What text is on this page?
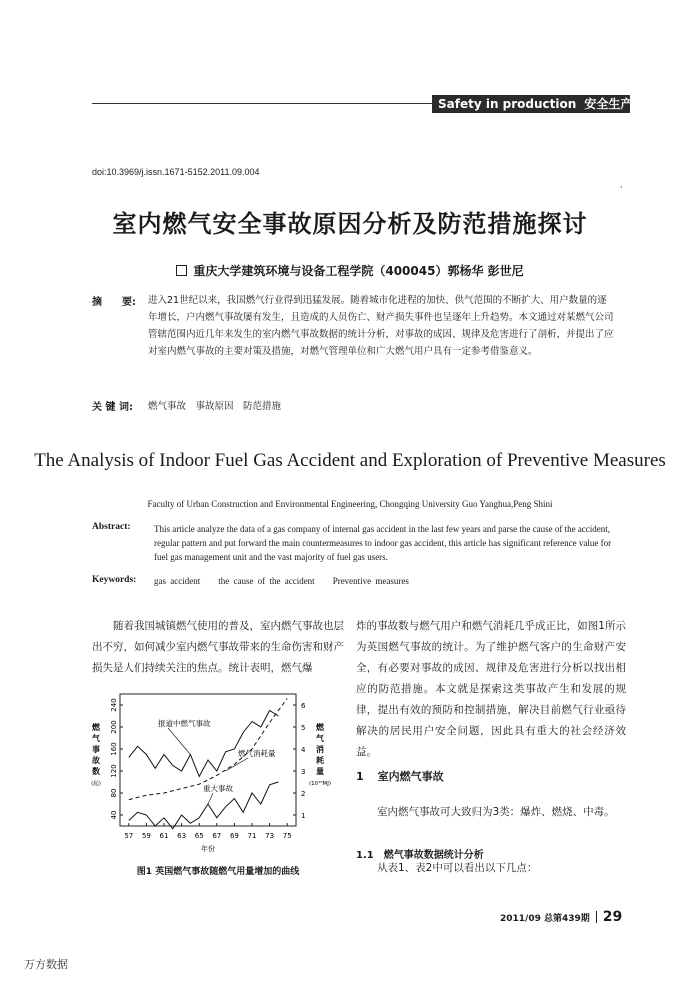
Safety in production 安全生产
doi:10.3969/j.issn.1671-5152.2011.09.004
·
室内燃气安全事故原因分析及防范措施探讨
重庆大学建筑环境与设备工程学院（400045）郭杨华 彭世尼
摘　　要: 进入21世纪以来，我国燃气行业得到迅猛发展。随着城市化进程的加快、供气范围的不断扩大、用户数量的逐年增长，户内燃气事故屡有发生，且造成的人员伤亡、财产损失事件也呈逐年上升趋势。本文通过对某燃气公司管辖范围内近几年来发生的室内燃气事故数据的统计分析，对事故的成因、规律及危害进行了剖析，并提出了应对室内燃气事故的主要对策及措施，对燃气管理单位和广大燃气用户具有一定参考借鉴意义。
关 键 词: 燃气事故　事故原因　防范措施
The Analysis of Indoor Fuel Gas Accident and Exploration of Preventive Measures
Faculty of Urban Construction and Environmental Engineering, Chongqing University Guo Yanghua,Peng Shini
Abstract:	This article analyze the data of a gas company of internal gas accident in the last few years and parse the cause of the accident, regular pattern and put forward the main countermeasures to indoor gas accident, this article has significant reference value for fuel gas management unit and the vast majority of fuel gas users.
Keywords: gas accident the cause of the accident Preventive measures
随着我国城镇燃气使用的普及，室内燃气事故也层出不穷，如何减少室内燃气事故带来的生命伤害和财产损失是人们持续关注的焦点。统计表明，燃气爆
炸的事故数与燃气用户和燃气消耗几乎成正比，如图1所示为英国燃气事故的统计。为了维护燃气客户的生命财产安全，有必要对事故的成因、规律及危害进行分析以找出相应的防范措施。本文就是探索这类事故产生和发展的规律，提出有效的预防和控制措施，解决目前燃气行业亟待解决的居民用户安全问题，因此具有重大的社会经济效益。
1 室内燃气事故
室内燃气事故可大致归为3类：爆炸、燃烧、中毒。
1.1　 燃气事故数据统计分析
从表1、表2中可以看出以下几点：
57 59 61 63 65 67 69 71 73 75
40
80
120
160
200
240
1
2
3
4
5
6
年份
燃
气
事
故
数
(起)
燃
气
消
耗
量
(10¹⁰MJ)
报道中燃气事故
燃气消耗量
重大事故
图1 英国燃气事故随燃气用量增加的曲线
2011/09 总第439期 29
万方数据
